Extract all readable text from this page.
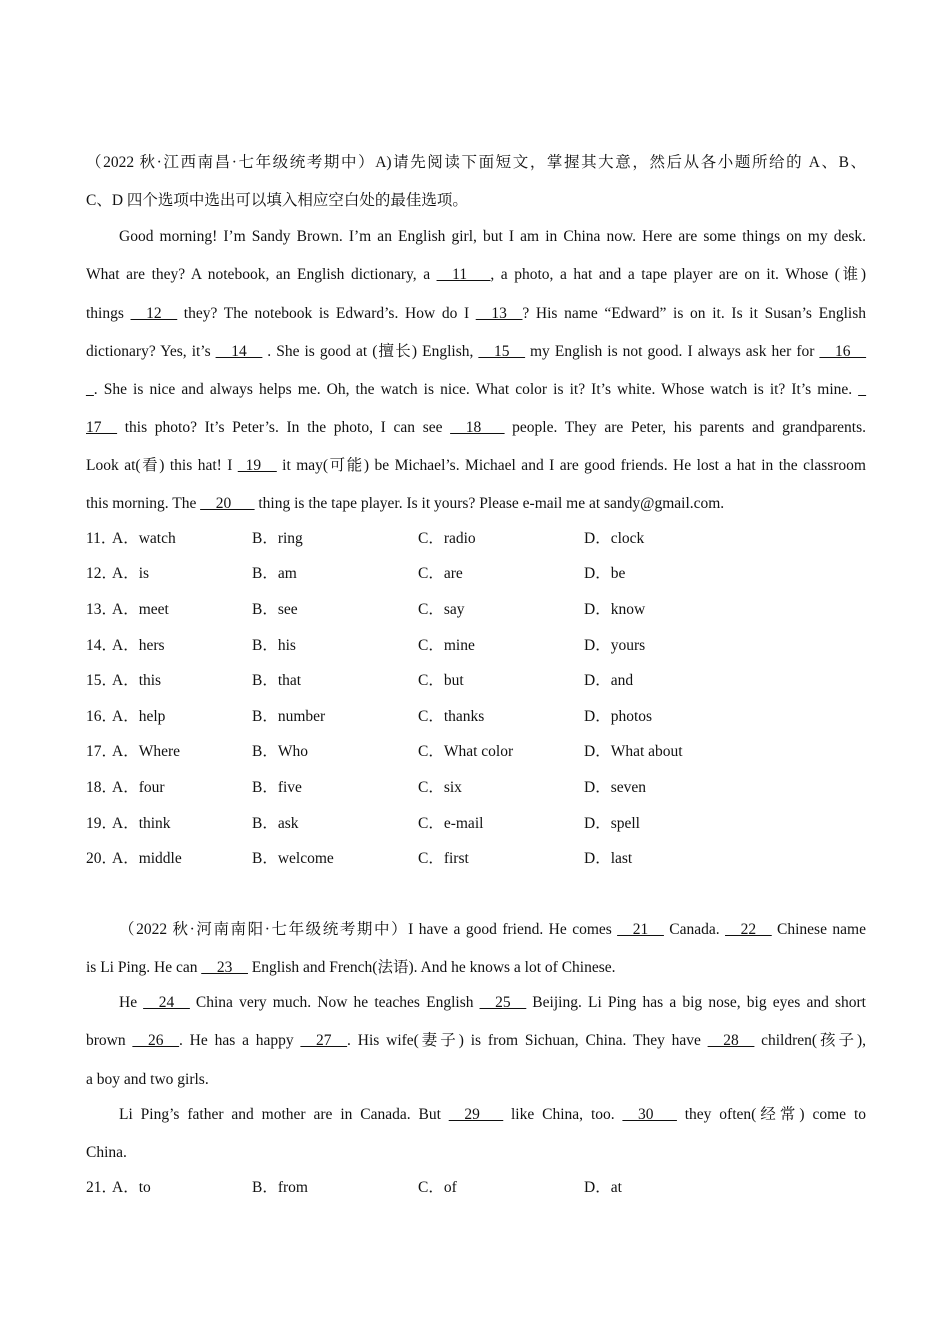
（2022 秋·江西南昌·七年级统考期中）A)请先阅读下面短文，掌握其大意，然后从各小题所给的 A、B、
C、D 四个选项中选出可以填入相应空白处的最佳选项。
Good morning! I’m Sandy Brown. I’m an English girl, but I am in China now. Here are some things on my desk.
What are they? A notebook, an English dictionary, a __11___, a photo, a hat and a tape player are on it. Whose (谁)
things __12__ they? The notebook is Edward’s. How do I __13__? His name “Edward” is on it. Is it Susan’s English
dictionary? Yes, it’s __14__ . She is good at (擅长) English, __15__ my English is not good. I always ask her for __16__
_. She is nice and always helps me. Oh, the watch is nice. What color is it? It’s white. Whose watch is it? It’s mine. _
17__ this photo? It’s Peter’s. In the photo, I can see __18___ people. They are Peter, his parents and grandparents.
Look at(看) this hat! I _19__ it may(可能) be Michael’s. Michael and I are good friends. He lost a hat in the classroom
this morning. The __20___ thing is the tape player. Is it yours? Please e-mail me at sandy@gmail.com.
11．
A．watch	B．ring	C．radio	D．clock
12．
A．is	B．am	C．are	D．be
13．
A．meet	B．see	C．say	D．know
14．
A．hers	B．his	C．mine	D．yours
15．
A．this	B．that	C．but	D．and
16．
A．help	B．number	C．thanks	D．photos
17．
A．Where	B．Who	C．What color	D．What about
18．
A．four	B．five	C．six	D．seven
19．
A．think	B．ask	C．e-mail	D．spell
20．
A．middle	B．welcome	C．first	D．last
（2022 秋·河南南阳·七年级统考期中）I have a good friend. He comes __21__ Canada. __22__ Chinese name
is Li Ping. He can __23__ English and French(法语). And he knows a lot of Chinese.
He __24__ China very much. Now he teaches English __25__ Beijing. Li Ping has a big nose, big eyes and short
brown __26__. He has a happy __27__. His wife(妻子) is from Sichuan, China. They have __28__ children(孩子),
a boy and two girls.
Li Ping’s father and mother are in Canada. But __29___ like China, too. __30___ they often(经常) come to
China.
21．
A．to	B．from	C．of	D．at
